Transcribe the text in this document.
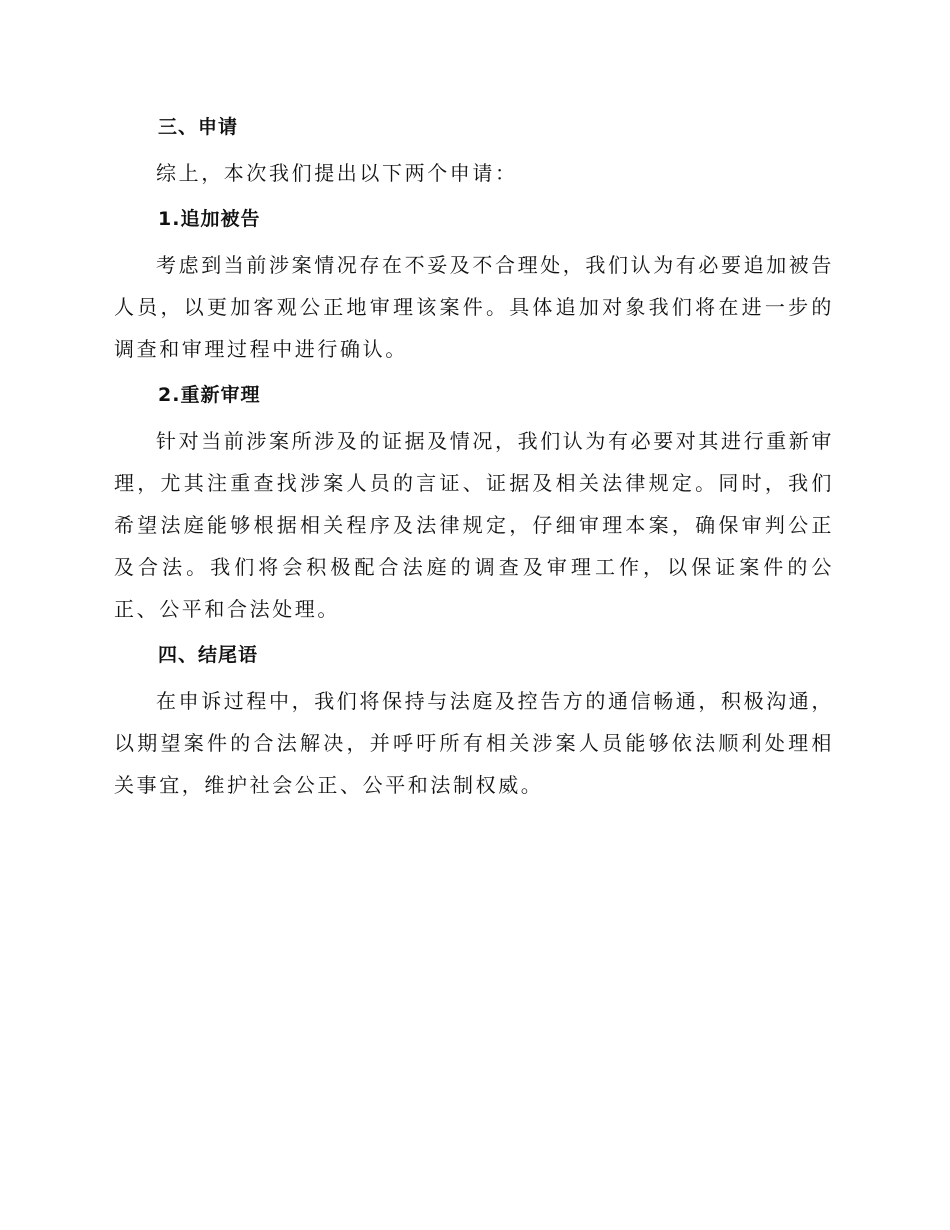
三、申请

综上，本次我们提出以下两个申请：

1.追加被告

考虑到当前涉案情况存在不妥及不合理处，我们认为有必要追加被告人员，以更加客观公正地审理该案件。具体追加对象我们将在进一步的调查和审理过程中进行确认。

2.重新审理

针对当前涉案所涉及的证据及情况，我们认为有必要对其进行重新审理，尤其注重查找涉案人员的言证、证据及相关法律规定。同时，我们希望法庭能够根据相关程序及法律规定，仔细审理本案，确保审判公正及合法。我们将会积极配合法庭的调查及审理工作，以保证案件的公正、公平和合法处理。

四、结尾语

在申诉过程中，我们将保持与法庭及控告方的通信畅通，积极沟通，以期望案件的合法解决，并呼吁所有相关涉案人员能够依法顺利处理相关事宜，维护社会公正、公平和法制权威。
